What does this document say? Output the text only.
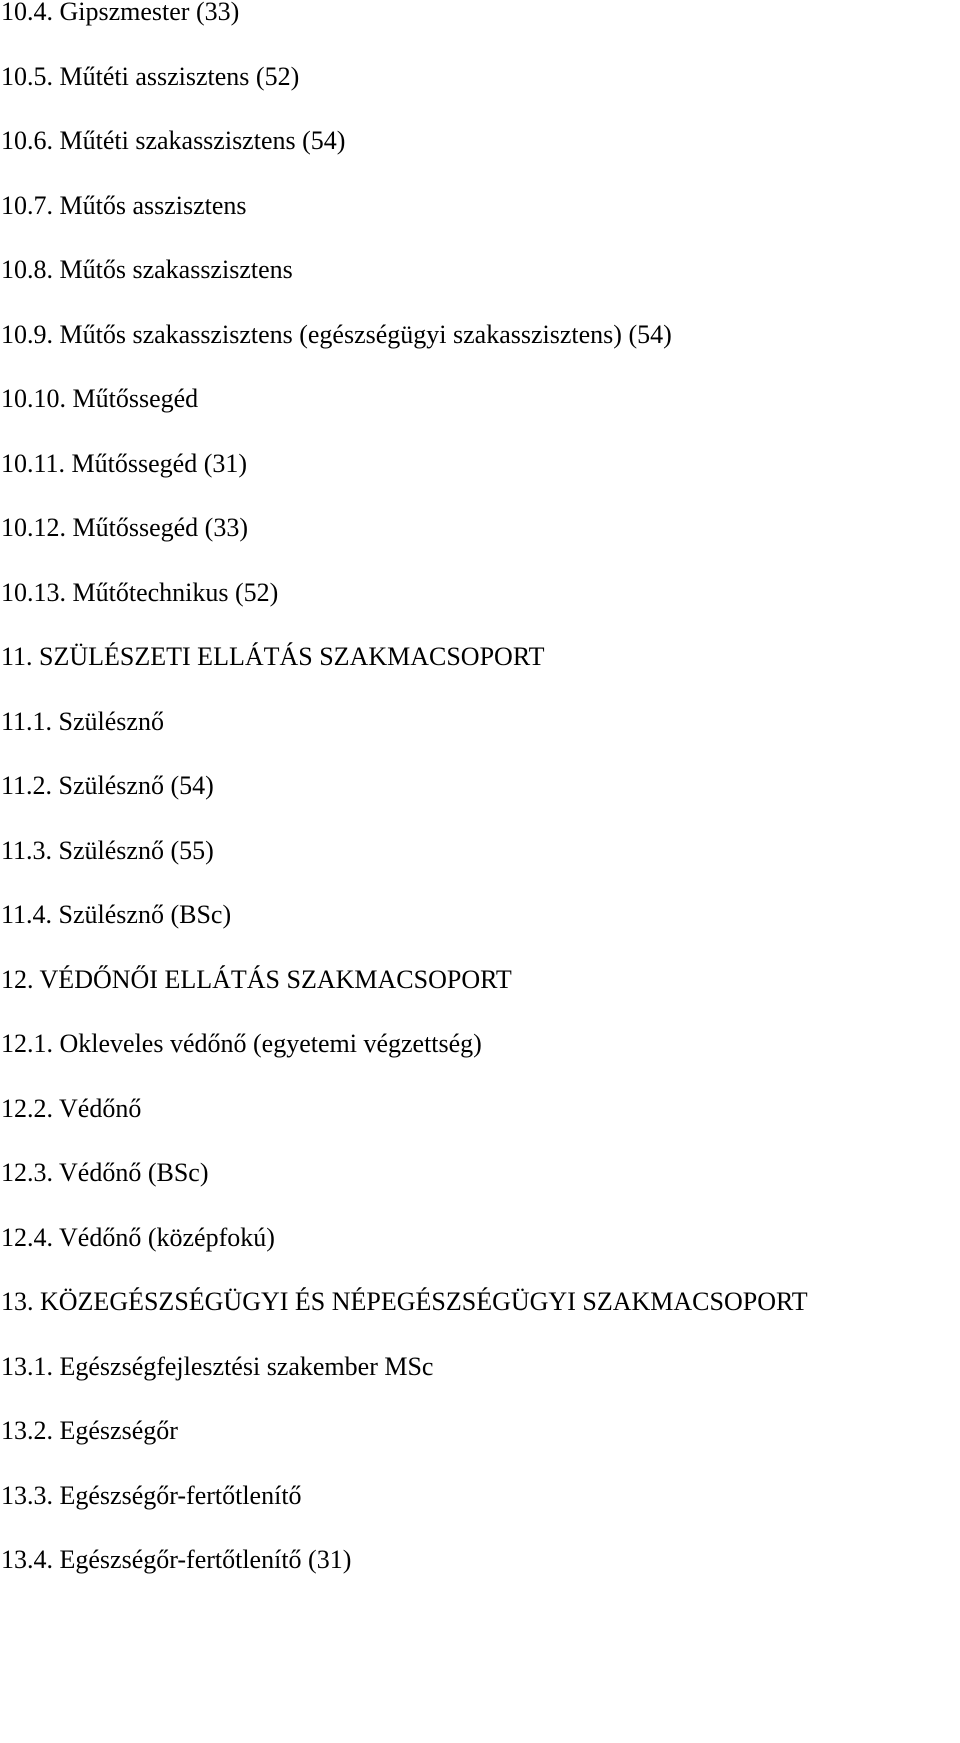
10.4. Gipszmester (33)

10.5. Műtéti asszisztens (52)

10.6. Műtéti szakasszisztens (54)

10.7. Műtős asszisztens

10.8. Műtős szakasszisztens

10.9. Műtős szakasszisztens (egészségügyi szakasszisztens) (54)

10.10. Műtőssegéd

10.11. Műtőssegéd (31)

10.12. Műtőssegéd (33)

10.13. Műtőtechnikus (52)

11. SZÜLÉSZETI ELLÁTÁS SZAKMACSOPORT

11.1. Szülésznő

11.2. Szülésznő (54)

11.3. Szülésznő (55)

11.4. Szülésznő (BSc)

12. VÉDŐNŐI ELLÁTÁS SZAKMACSOPORT

12.1. Okleveles védőnő (egyetemi végzettség)

12.2. Védőnő

12.3. Védőnő (BSc)

12.4. Védőnő (középfokú)

13. KÖZEGÉSZSÉGÜGYI ÉS NÉPEGÉSZSÉGÜGYI SZAKMACSOPORT

13.1. Egészségfejlesztési szakember MSc

13.2. Egészségőr

13.3. Egészségőr-fertőtlenítő

13.4. Egészségőr-fertőtlenítő (31)
